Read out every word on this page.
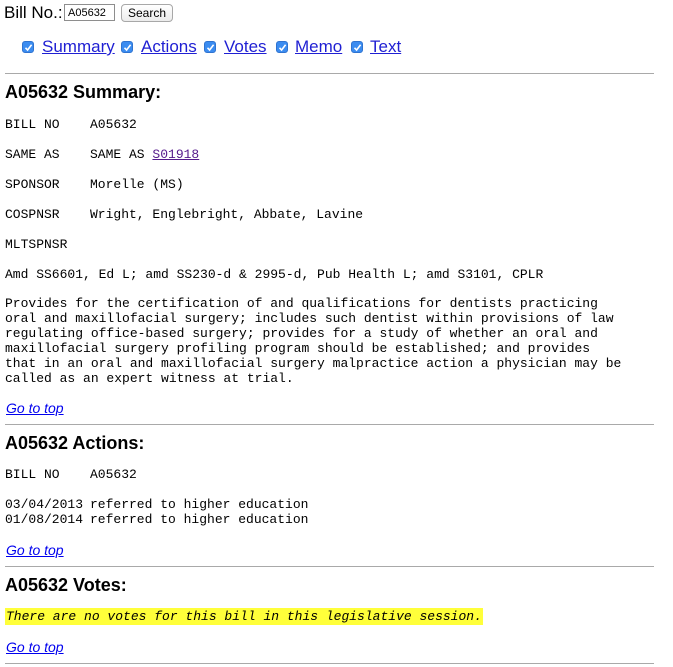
Bill No.:
A05632	Search
Summary Actions Votes Memo Text
A05632 Summary:
BILL NO A05632
SAME AS SAME AS S01918
SPONSOR Morelle (MS)
COSPNSR Wright, Englebright, Abbate, Lavine
MLTSPNSR
Amd SS6601, Ed L; amd SS230-d & 2995-d, Pub Health L; amd S3101, CPLR
Provides for the certification of and qualifications for dentists practicing
oral and maxillofacial surgery; includes such dentist within provisions of law
regulating office-based surgery; provides for a study of whether an oral and
maxillofacial surgery profiling program should be established; and provides
that in an oral and maxillofacial surgery malpractice action a physician may be
called as an expert witness at trial.
Go to top
A05632 Actions:
BILL NO A05632
03/04/2013 referred to higher education
01/08/2014 referred to higher education
Go to top
A05632 Votes:
There are no votes for this bill in this legislative session.
Go to top
